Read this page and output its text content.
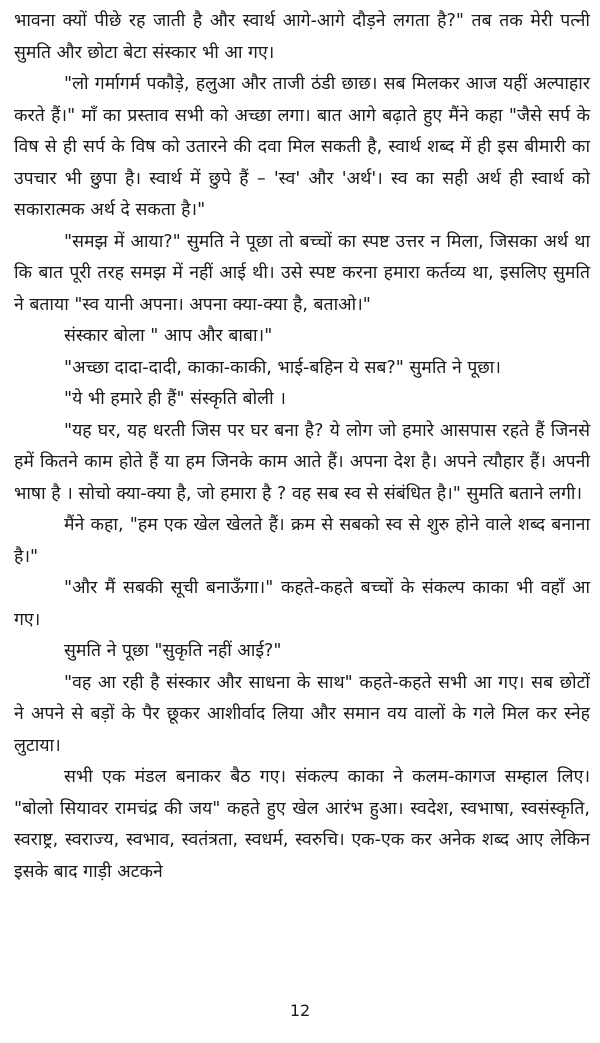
भावना क्यों पीछे रह जाती है और स्वार्थ आगे-आगे दौड़ने लगता है?" तब तक मेरी पत्नी सुमति और छोटा बेटा संस्कार भी आ गए।

"लो गर्मागर्म पकौड़े, हलुआ और ताजी ठंडी छाछ। सब मिलकर आज यहीं अल्पाहार करते हैं।" माँ का प्रस्ताव सभी को अच्छा लगा। बात आगे बढ़ाते हुए मैंने कहा "जैसे सर्प के विष से ही सर्प के विष को उतारने की दवा मिल सकती है, स्वार्थ शब्द में ही इस बीमारी का उपचार भी छुपा है। स्वार्थ में छुपे हैं – 'स्व' और 'अर्थ'। स्व का सही अर्थ ही स्वार्थ को सकारात्मक अर्थ दे सकता है।"

"समझ में आया?" सुमति ने पूछा तो बच्चों का स्पष्ट उत्तर न मिला, जिसका अर्थ था कि बात पूरी तरह समझ में नहीं आई थी। उसे स्पष्ट करना हमारा कर्तव्य था, इसलिए सुमति ने बताया "स्व यानी अपना। अपना क्या-क्या है, बताओ।"

संस्कार बोला " आप और बाबा।"

"अच्छा दादा-दादी, काका-काकी, भाई-बहिन ये सब?" सुमति ने पूछा।

"ये भी हमारे ही हैं" संस्कृति बोली ।

"यह घर, यह धरती जिस पर घर बना है? ये लोग जो हमारे आसपास रहते हैं जिनसे हमें कितने काम होते हैं या हम जिनके काम आते हैं। अपना देश है। अपने त्यौहार हैं। अपनी भाषा है । सोचो क्या-क्या है, जो हमारा है ? वह सब स्व से संबंधित है।" सुमति बताने लगी।

मैंने कहा, "हम एक खेल खेलते हैं। क्रम से सबको स्व से शुरु होने वाले शब्द बनाना है।"

"और मैं सबकी सूची बनाऊँगा।" कहते-कहते बच्चों के संकल्प काका भी वहाँ आ गए।

सुमति ने पूछा "सुकृति नहीं आई?"

"वह आ रही है संस्कार और साधना के साथ" कहते-कहते सभी आ गए। सब छोटों ने अपने से बड़ों के पैर छूकर आशीर्वाद लिया और समान वय वालों के गले मिल कर स्नेह लुटाया।

सभी एक मंडल बनाकर बैठ गए। संकल्प काका ने कलम-कागज सम्हाल लिए। "बोलो सियावर रामचंद्र की जय" कहते हुए खेल आरंभ हुआ। स्वदेश, स्वभाषा, स्वसंस्कृति, स्वराष्ट्र, स्वराज्य, स्वभाव, स्वतंत्रता, स्वधर्म, स्वरुचि। एक-एक कर अनेक शब्द आए लेकिन इसके बाद गाड़ी अटकने

12
